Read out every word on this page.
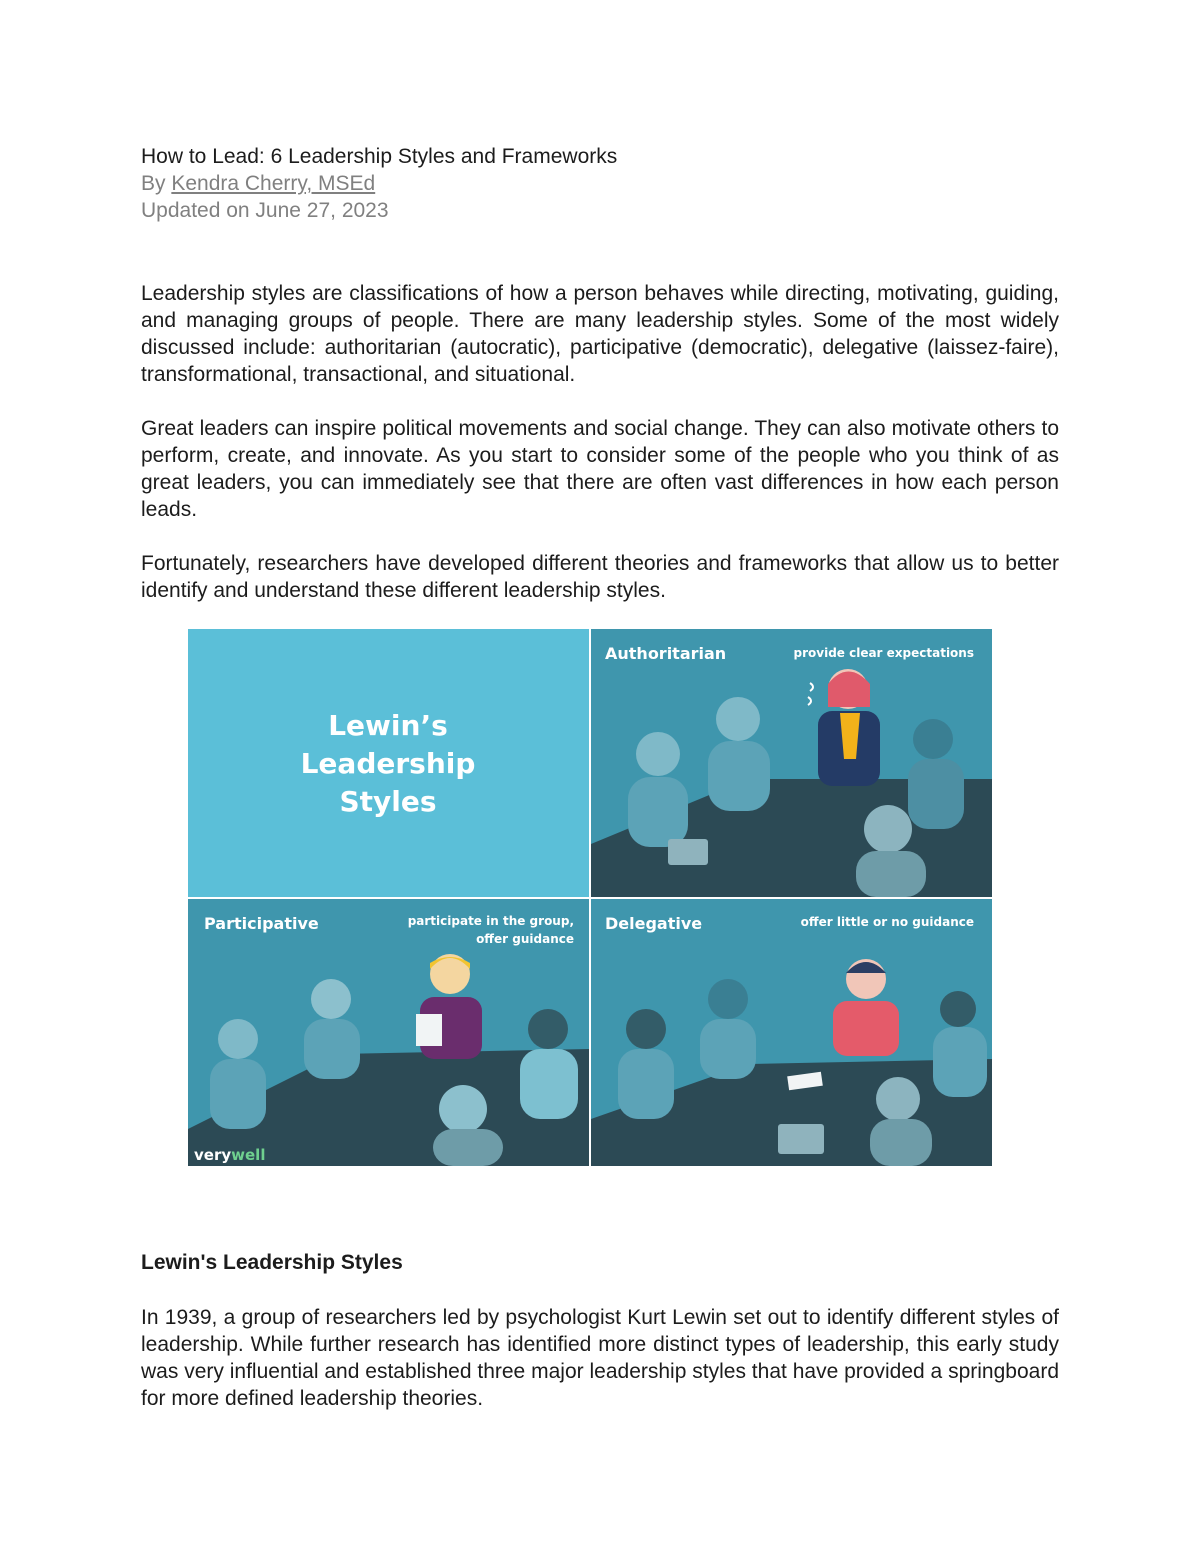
How to Lead: 6 Leadership Styles and Frameworks
By Kendra Cherry, MSEd
Updated on June 27, 2023

Leadership styles are classifications of how a person behaves while directing, motivating, guiding, and managing groups of people. There are many leadership styles. Some of the most widely discussed include: authoritarian (autocratic), participative (democratic), delegative (laissez-faire), transformational, transactional, and situational.

Great leaders can inspire political movements and social change. They can also motivate others to perform, create, and innovate. As you start to consider some of the people who you think of as great leaders, you can immediately see that there are often vast differences in how each person leads.

Fortunately, researchers have developed different theories and frameworks that allow us to better identify and understand these different leadership styles.

Lewin’s
Leadership
Styles
Authoritarian	provide clear expectations
Participative	participate in the group,
offer guidance
verywell
Delegative	offer little or no guidance
Lewin's Leadership Styles

In 1939, a group of researchers led by psychologist Kurt Lewin set out to identify different styles of leadership. While further research has identified more distinct types of leadership, this early study was very influential and established three major leadership styles that have provided a springboard for more defined leadership theories.
